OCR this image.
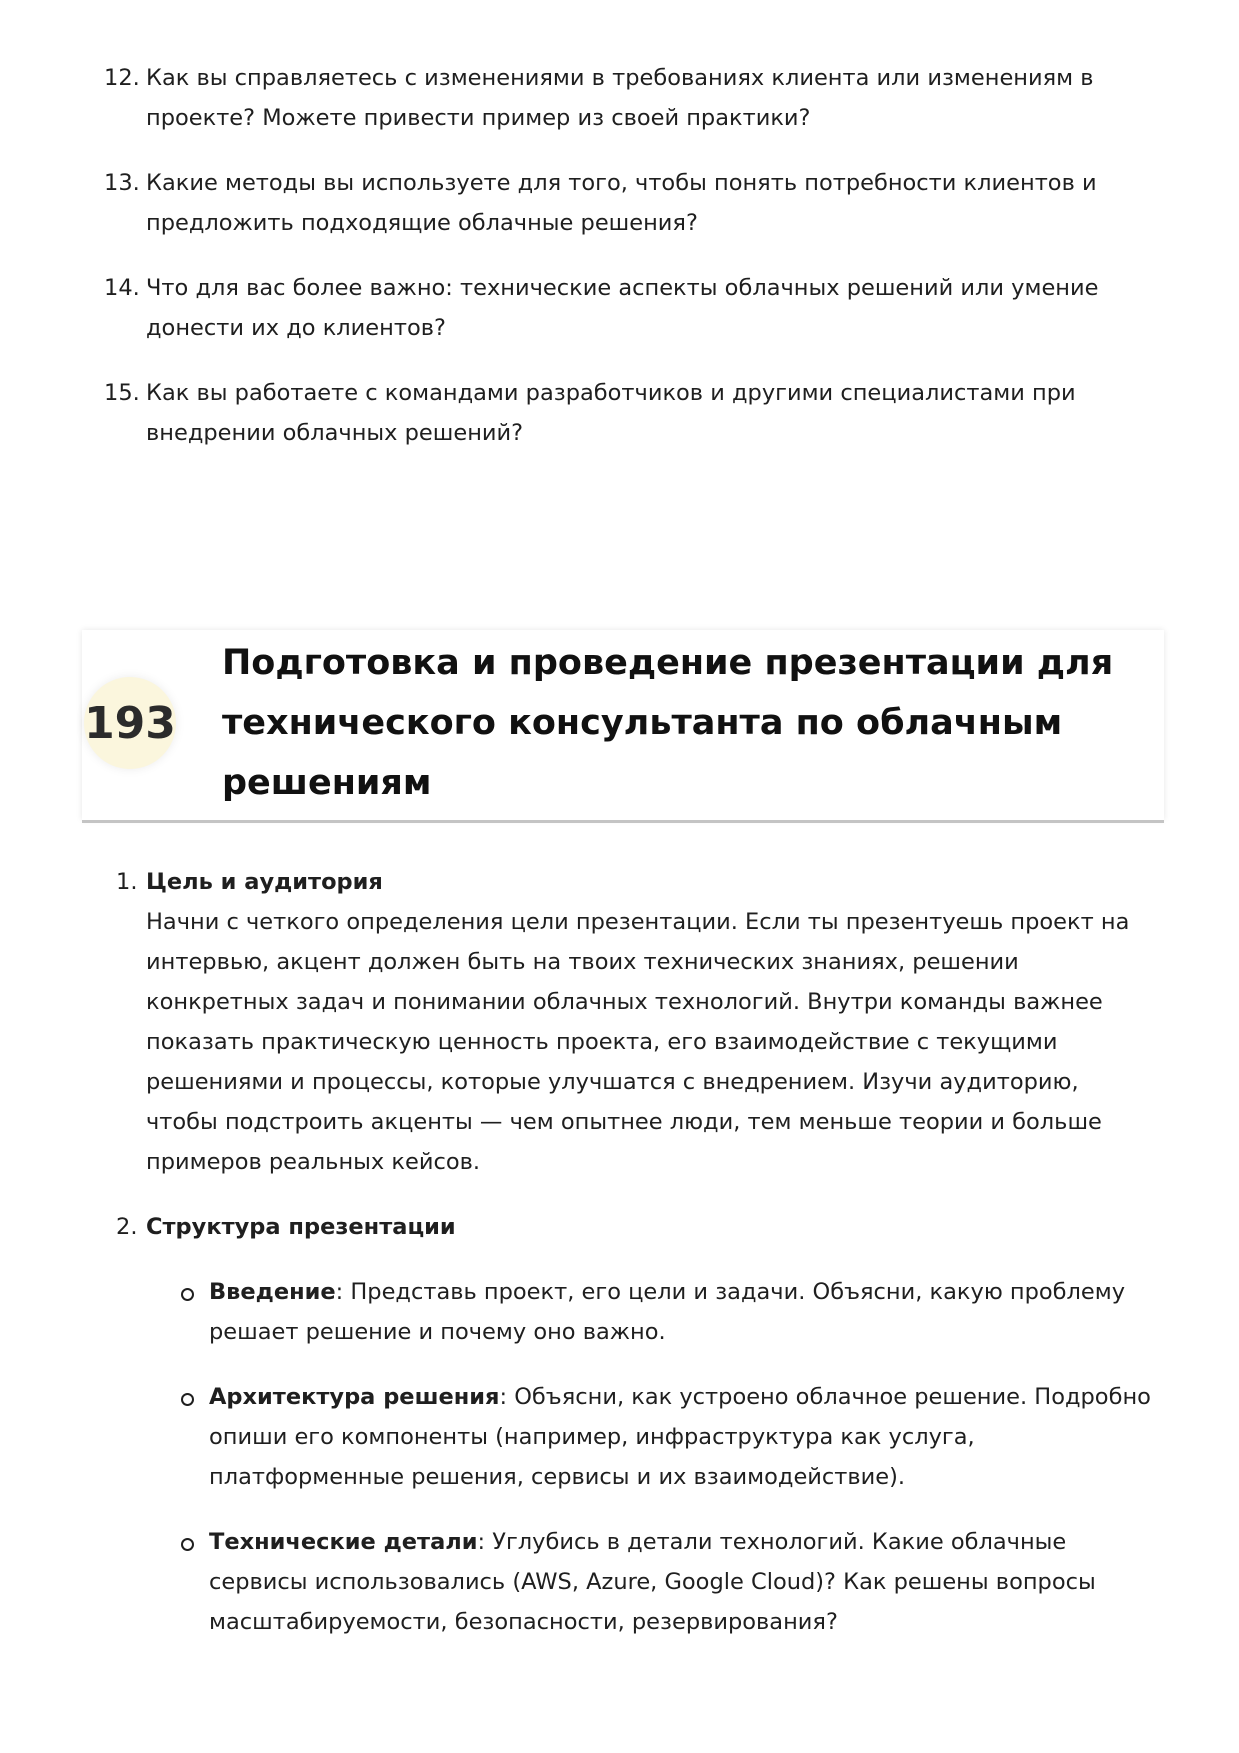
12. Как вы справляетесь с изменениями в требованиях клиента или изменениям в проекте? Можете привести пример из своей практики?
13. Какие методы вы используете для того, чтобы понять потребности клиентов и предложить подходящие облачные решения?
14. Что для вас более важно: технические аспекты облачных решений или умение донести их до клиентов?
15. Как вы работаете с командами разработчиков и другими специалистами при внедрении облачных решений?
193
Подготовка и проведение презентации для технического консультанта по облачным решениям
1. Цель и аудитория
Начни с четкого определения цели презентации. Если ты презентуешь проект на интервью, акцент должен быть на твоих технических знаниях, решении конкретных задач и понимании облачных технологий. Внутри команды важнее показать практическую ценность проекта, его взаимодействие с текущими решениями и процессы, которые улучшатся с внедрением. Изучи аудиторию, чтобы подстроить акценты — чем опытнее люди, тем меньше теории и больше примеров реальных кейсов.
2. Структура презентации
Введение: Представь проект, его цели и задачи. Объясни, какую проблему решает решение и почему оно важно.
Архитектура решения: Объясни, как устроено облачное решение. Подробно опиши его компоненты (например, инфраструктура как услуга, платформенные решения, сервисы и их взаимодействие).
Технические детали: Углубись в детали технологий. Какие облачные сервисы использовались (AWS, Azure, Google Cloud)? Как решены вопросы масштабируемости, безопасности, резервирования?
